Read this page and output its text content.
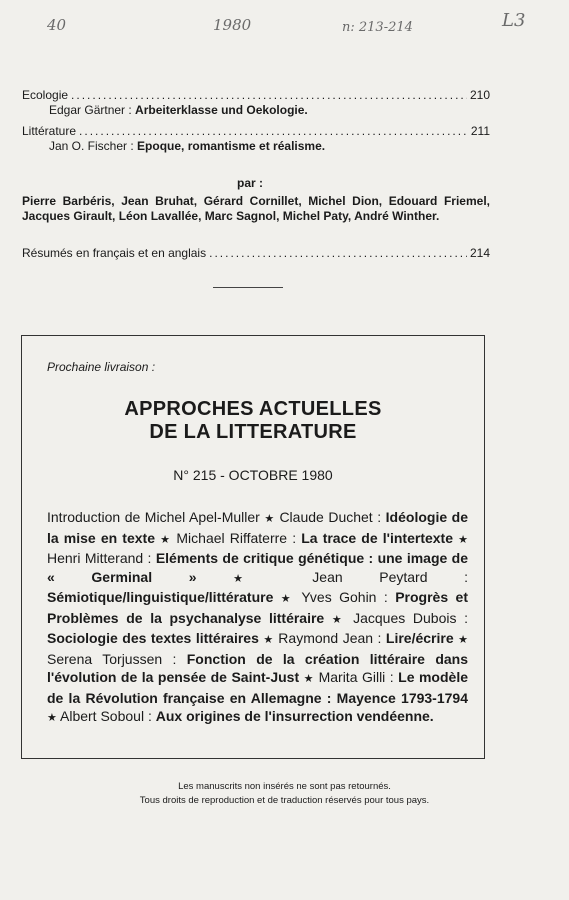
40	1980	n: 213-214	L3
Ecologie .....	210
Edgar Gärtner : Arbeiterklasse und Oekologie.
Littérature .....	211
Jan O. Fischer : Epoque, romantisme et réalisme.
par :
Pierre Barbéris, Jean Bruhat, Gérard Cornillet, Michel Dion, Edouard Friemel, Jacques Girault, Léon Lavallée, Marc Sagnol, Michel Paty, André Winther.
Résumés en français et en anglais .....	214
Prochaine livraison :
APPROCHES ACTUELLES
DE LA LITTERATURE
N° 215 - OCTOBRE 1980
Introduction de Michel Apel-Muller ★ Claude Duchet : Idéologie de la mise en texte ★ Michael Riffaterre : La trace de l'intertexte ★ Henri Mitterand : Eléments de critique génétique : une image de « Germinal »	★	Jean Peytard : Sémiotique/linguistique/littérature ★ Yves Gohin : Progrès et Problèmes de la psychanalyse littéraire ★ Jacques Dubois : Sociologie des textes littéraires ★ Raymond Jean : Lire/écrire ★ Serena Torjussen : Fonction de la création littéraire dans l'évolution de la pensée de Saint-Just ★ Marita Gilli : Le modèle de la Révolution française en Allemagne : Mayence 1793-1794 ★ Albert Soboul : Aux origines de l'insurrection vendéenne.
Les manuscrits non insérés ne sont pas retournés.
Tous droits de reproduction et de traduction réservés pour tous pays.
